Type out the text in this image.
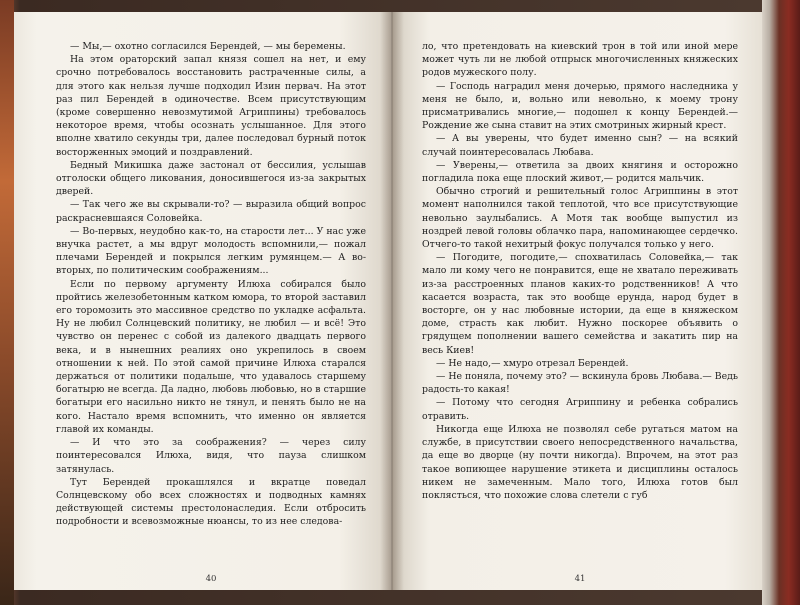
— Мы,— охотно согласился Берендей, — мы беремены.

На этом ораторский запал князя сошел на нет, и ему срочно потребовалось восстановить растраченные силы, а для этого как нельзя лучше подходил Изин первач. На этот раз пил Берендей в одиночестве. Всем присутствующим (кроме совершенно невозмутимой Агриппины) требовалось некоторое время, чтобы осознать услышанное. Для этого вполне хватило секунды три, далее последовал бурный поток восторженных эмоций и поздравлений.

Бедный Микишка даже застонал от бессилия, услышав отголоски общего ликования, доносившегося из-за закрытых дверей.

— Так чего же вы скрывали-то? — выразила общий вопрос раскрасневшаяся Соловейка.

— Во-первых, неудобно как-то, на старости лет... У нас уже внучка растет, а мы вдруг молодость вспомнили,— пожал плечами Берендей и покрылся легким румянцем.— А во-вторых, по политическим соображениям...

Если по первому аргументу Илюха собирался было пройтись железобетонным катком юмора, то второй заставил его торомозить это массивное средство по укладке асфальта. Ну не любил Солнцевский политику, не любил — и всё! Это чувство он перенес с собой из далекого двадцать первого века, и в нынешних реалиях оно укрепилось в своем отношении к ней. По этой самой причине Илюха старался держаться от политики подальше, что удавалось старшему богатырю не всегда. Да ладно, любовь любовью, но в старшие богатыри его насильно никто не тянул, и пенять было не на кого. Настало время вспомнить, что именно он является главой их команды.

— И что это за соображения? — через силу поинтересовался Илюха, видя, что пауза слишком затянулась.

Тут Берендей прокашлялся и вкратце поведал Солнцевскому обо всех сложностях и подводных камнях действующей системы престолонаследия. Если отбросить подробности и всевозможные нюансы, то из нее следова-

40

ло, что претендовать на киевский трон в той или иной мере может чуть ли не любой отпрыск многочисленных княжеских родов мужеского полу.

— Господь наградил меня дочерью, прямого наследника у меня не было, и, вольно или невольно, к моему трону присматривались многие,— подошел к концу Берендей.— Рождение же сына ставит на этих смотриных жирный крест.

— А вы уверены, что будет именно сын? — на всякий случай поинтересовалась Любава.

— Уверены,— ответила за двоих княгиня и осторожно погладила пока еще плоский живот,— родится мальчик.

Обычно строгий и решительный голос Агриппины в этот момент наполнился такой теплотой, что все присутствующие невольно заулыбались. А Мотя так вообще выпустил из ноздрей левой головы облачко пара, напоминающее сердечко. Отчего-то такой нехитрый фокус получался только у него.

— Погодите, погодите,— спохватилась Соловейка,— так мало ли кому чего не понравится, еще не хватало переживать из-за расстроенных планов каких-то родственников! А что касается возраста, так это вообще ерунда, народ будет в восторге, он у нас любовные истории, да еще в княжеском доме, страсть как любит. Нужно поскорее объявить о грядущем пополнении вашего семейства и закатить пир на весь Киев!

— Не надо,— хмуро отрезал Берендей.

— Не поняла, почему это? — вскинула бровь Любава.— Ведь радость-то какая!

— Потому что сегодня Агриппину и ребенка собрались отравить.

Никогда еще Илюха не позволял себе ругаться матом на службе, в присутствии своего непосредственного начальства, да еще во дворце (ну почти никогда). Впрочем, на этот раз такое вопиющее нарушение этикета и дисциплины осталось никем не замеченным. Мало того, Илюха готов был поклясться, что похожие слова слетели с губ

41
